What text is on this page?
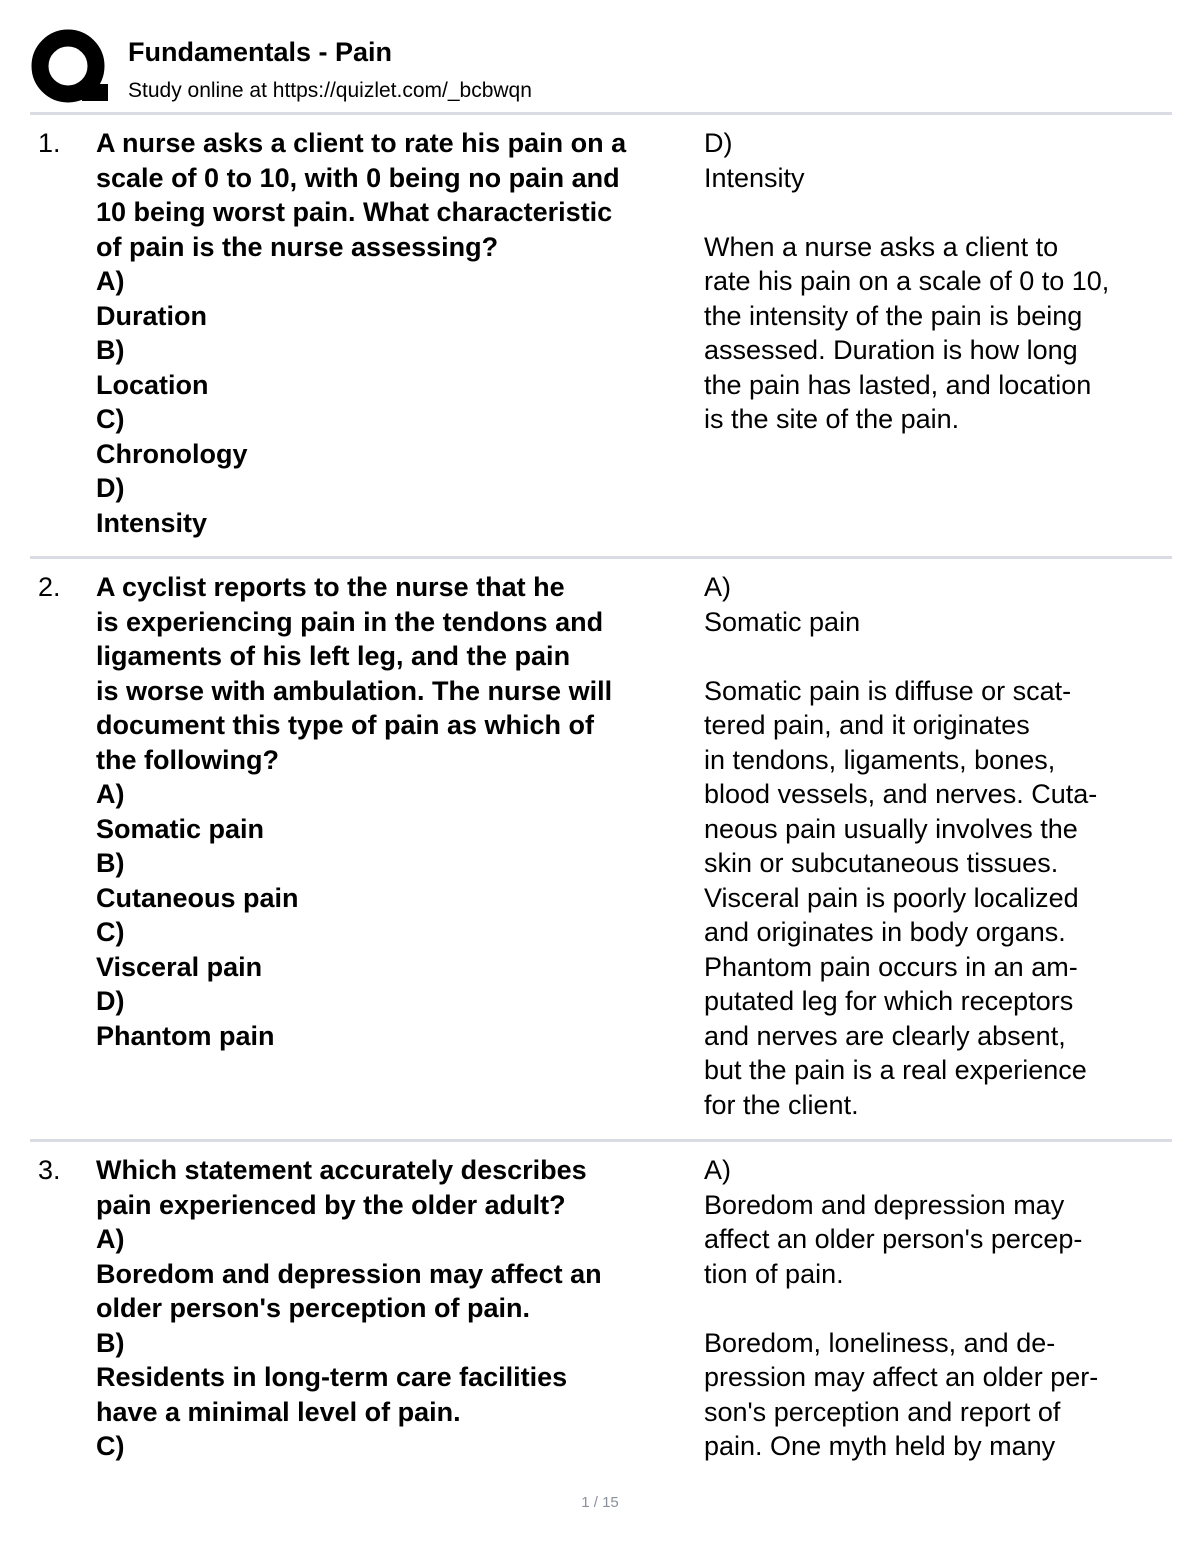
Fundamentals - Pain
Study online at https://quizlet.com/_bcbwqn
1. A nurse asks a client to rate his pain on a
scale of 0 to 10, with 0 being no pain and
10 being worst pain. What characteristic
of pain is the nurse assessing?
A)
Duration
B)
Location
C)
Chronology
D)
Intensity
D)
Intensity
When a nurse asks a client to
rate his pain on a scale of 0 to 10,
the intensity of the pain is being
assessed. Duration is how long
the pain has lasted, and location
is the site of the pain.
2. A cyclist reports to the nurse that he
is experiencing pain in the tendons and
ligaments of his left leg, and the pain
is worse with ambulation. The nurse will
document this type of pain as which of
the following?
A)
Somatic pain
B)
Cutaneous pain
C)
Visceral pain
D)
Phantom pain
A)
Somatic pain
Somatic pain is diffuse or scat-
tered pain, and it originates
in tendons, ligaments, bones,
blood vessels, and nerves. Cuta-
neous pain usually involves the
skin or subcutaneous tissues.
Visceral pain is poorly localized
and originates in body organs.
Phantom pain occurs in an am-
putated leg for which receptors
and nerves are clearly absent,
but the pain is a real experience
for the client.
3. Which statement accurately describes
pain experienced by the older adult?
A)
Boredom and depression may affect an
older person's perception of pain.
B)
Residents in long-term care facilities
have a minimal level of pain.
C)
A)
Boredom and depression may
affect an older person's percep-
tion of pain.
Boredom, loneliness, and de-
pression may affect an older per-
son's perception and report of
pain. One myth held by many
1 / 15
